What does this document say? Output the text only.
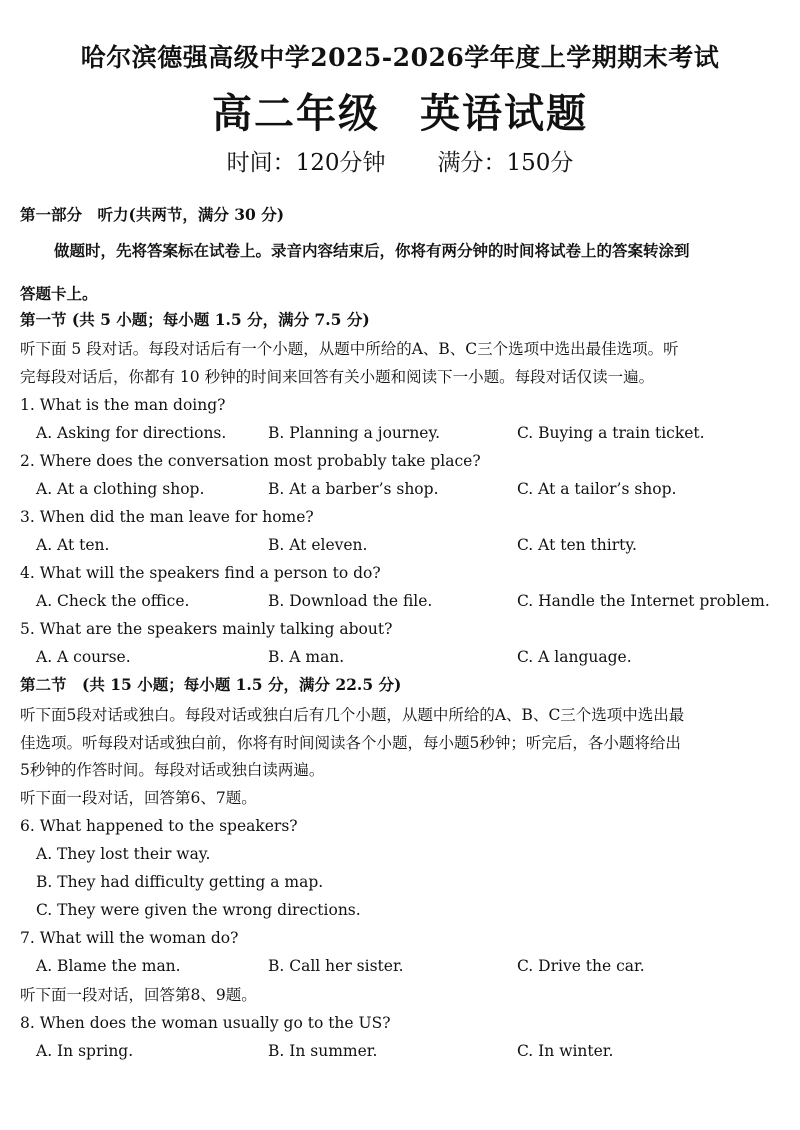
哈尔滨德强高级中学2025-2026学年度上学期期末考试
高二年级 英语试题
时间：120分钟 满分：150分
第一部分　听力(共两节，满分 30 分)
做题时，先将答案标在试卷上。录音内容结束后，你将有两分钟的时间将试卷上的答案转涂到
答题卡上。
第一节 (共 5 小题；每小题 1.5 分，满分 7.5 分)
听下面 5 段对话。每段对话后有一个小题，从题中所给的A、B、C三个选项中选出最佳选项。听
完每段对话后，你都有 10 秒钟的时间来回答有关小题和阅读下一小题。每段对话仅读一遍。
1. What is the man doing?
A. Asking for directions.	B. Planning a journey.	C. Buying a train ticket.
2. Where does the conversation most probably take place?
A. At a clothing shop.	B. At a barber’s shop.	C. At a tailor’s shop.
3. When did the man leave for home?
A. At ten.	B. At eleven.	C. At ten thirty.
4. What will the speakers find a person to do?
A. Check the office.	B. Download the file.	C. Handle the Internet problem.
5. What are the speakers mainly talking about?
A. A course.	B. A man.	C. A language.
第二节　(共 15 小题；每小题 1.5 分，满分 22.5 分)
听下面5段对话或独白。每段对话或独白后有几个小题，从题中所给的A、B、C三个选项中选出最
佳选项。听每段对话或独白前，你将有时间阅读各个小题，每小题5秒钟；听完后，各小题将给出
5秒钟的作答时间。每段对话或独白读两遍。
听下面一段对话，回答第6、7题。
6. What happened to the speakers?
A. They lost their way.
B. They had difficulty getting a map.
C. They were given the wrong directions.
7. What will the woman do?
A. Blame the man.	B. Call her sister.	C. Drive the car.
听下面一段对话，回答第8、9题。
8. When does the woman usually go to the US?
A. In spring.	B. In summer.	C. In winter.
